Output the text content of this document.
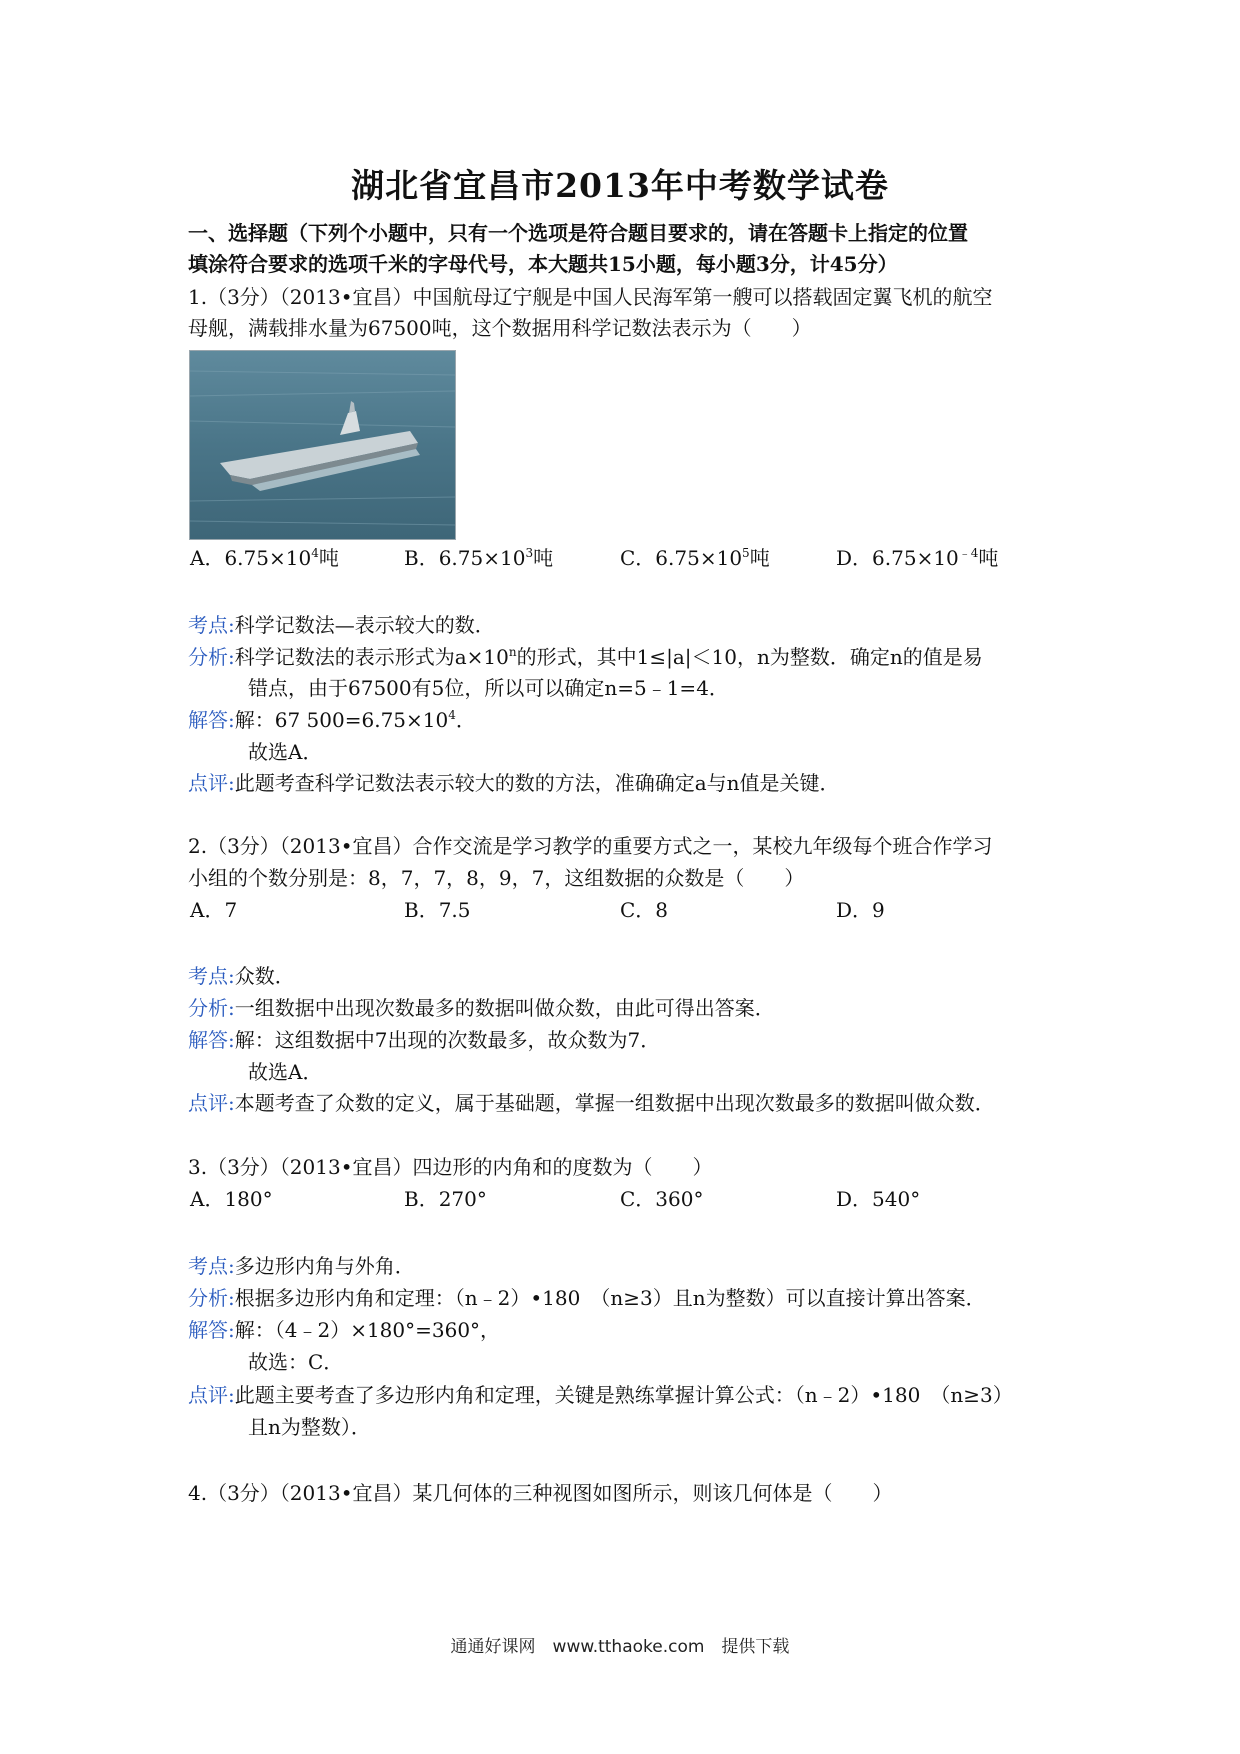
湖北省宜昌市2013年中考数学试卷
一、选择题（下列个小题中，只有一个选项是符合题目要求的，请在答题卡上指定的位置
填涂符合要求的选项千米的字母代号，本大题共15小题，每小题3分，计45分）
1.（3分）（2013•宜昌）中国航母辽宁舰是中国人民海军第一艘可以搭载固定翼飞机的航空
母舰，满载排水量为67500吨，这个数据用科学记数法表示为（　　）
A．$6.75\times 10^4$吨	B．$6.75\times 10^3$吨	C．$6.75\times 10^5$吨	D．$6.75\times 10^{﹣4}$吨
考点:科学记数法—表示较大的数．
分析:科学记数法的表示形式为$a\times 10^n$的形式，其中1≤|a|＜10，n为整数．确定n的值是易
错点，由于67500有5位，所以可以确定n=5﹣1=4．
解答:解：67 $500=6.75\times 10^4$．
故选A．
点评:此题考查科学记数法表示较大的数的方法，准确确定a与n值是关键．
2.（3分）（2013•宜昌）合作交流是学习教学的重要方式之一，某校九年级每个班合作学习
小组的个数分别是：8，7，7，8，9，7，这组数据的众数是（　　）
A．7	B．7.5	C．8	D．9
考点:众数．
分析:一组数据中出现次数最多的数据叫做众数，由此可得出答案．
解答:解：这组数据中7出现的次数最多，故众数为7．
故选A．
点评:本题考查了众数的定义，属于基础题，掌握一组数据中出现次数最多的数据叫做众数．
3.（3分）（2013•宜昌）四边形的内角和的度数为（　　）
A．180°	B．270°	C．360°	D．540°
考点:多边形内角与外角．
分析:根据多边形内角和定理：（n﹣2）•180　（n≥3）且n为整数）可以直接计算出答案．
解答:解：（4﹣2）×180°=360°，
故选：C．
点评:此题主要考查了多边形内角和定理，关键是熟练掌握计算公式：（n﹣2）•180　（n≥3）
且n为整数）．
4.（3分）（2013•宜昌）某几何体的三种视图如图所示，则该几何体是（　　）
通通好课网　www.tthaoke.com　提供下载
